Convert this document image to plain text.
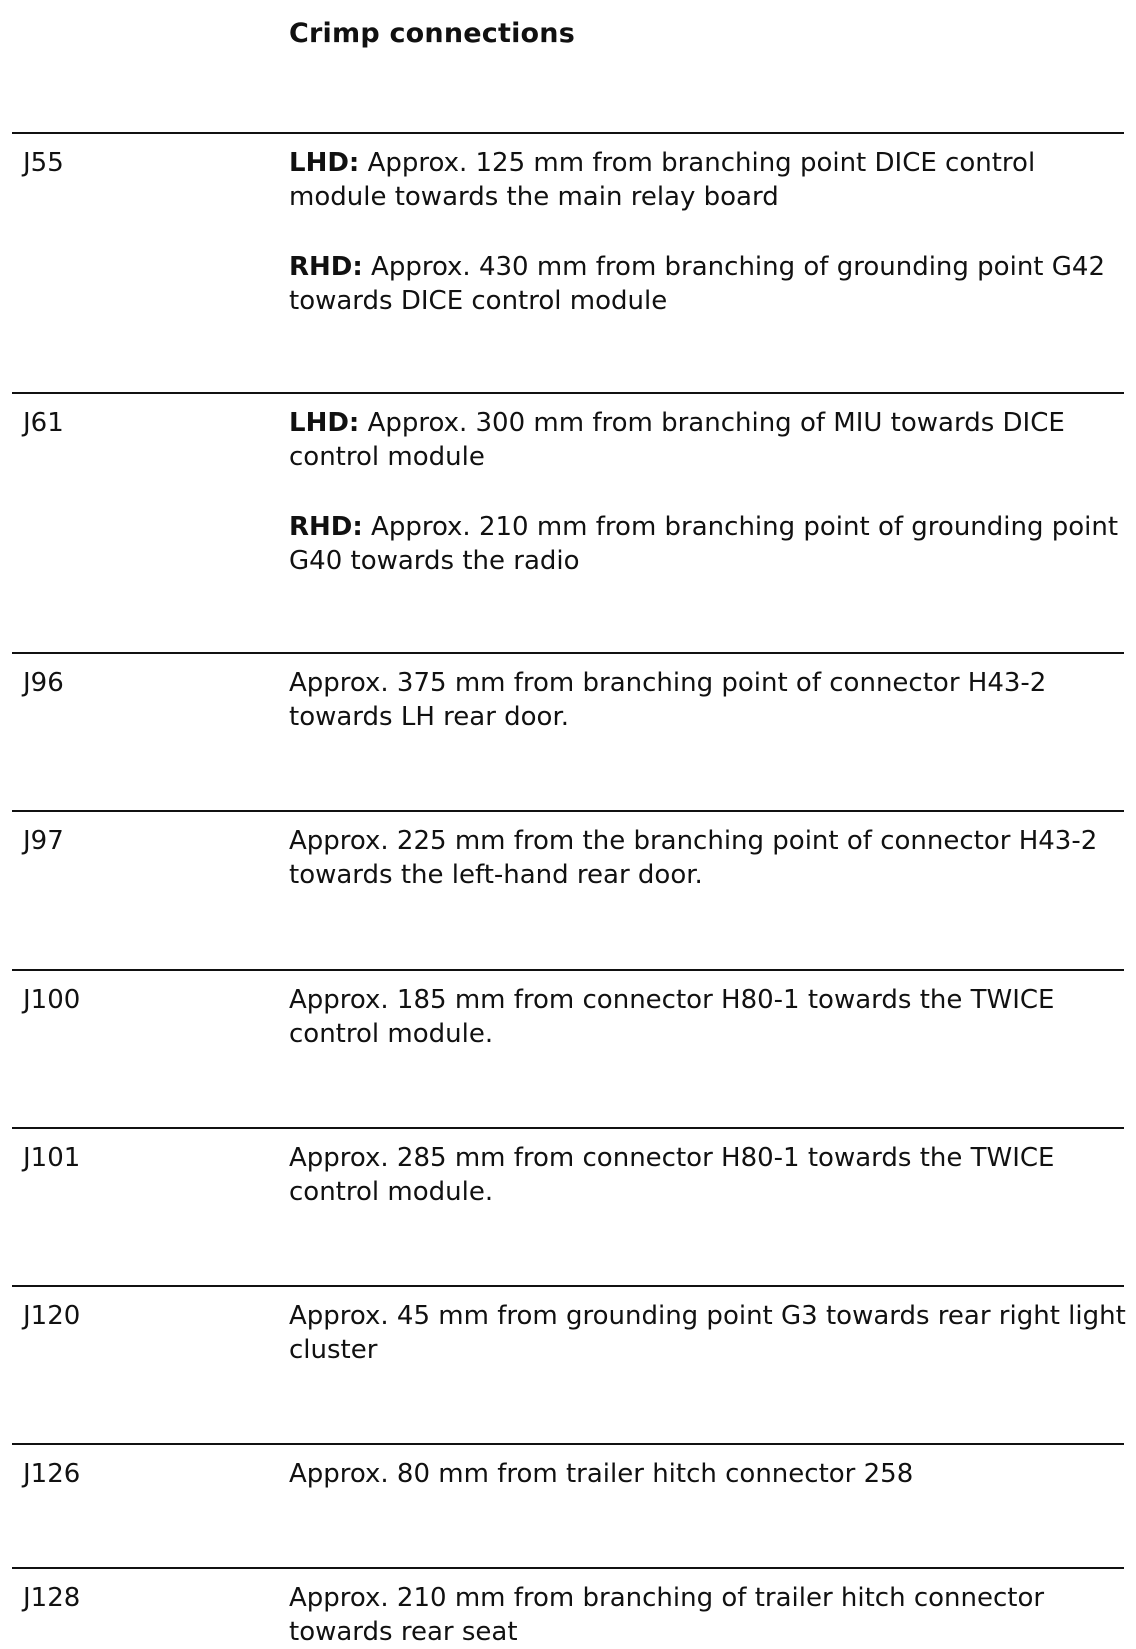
Crimp connections
J55	LHD: Approx. 125 mm from branching point DICE control module towards the main relay board
RHD: Approx. 430 mm from branching of grounding point G42 towards DICE control module
J61	LHD: Approx. 300 mm from branching of MIU towards DICE control module
RHD: Approx. 210 mm from branching point of grounding point G40 towards the radio
J96	Approx. 375 mm from branching point of connector H43-2 towards LH rear door.
J97	Approx. 225 mm from the branching point of connector H43-2 towards the left-hand rear door.
J100	Approx. 185 mm from connector H80-1 towards the TWICE control module.
J101	Approx. 285 mm from connector H80-1 towards the TWICE control module.
J120	Approx. 45 mm from grounding point G3 towards rear right light cluster
J126	Approx. 80 mm from trailer hitch connector 258
J128	Approx. 210 mm from branching of trailer hitch connector towards rear seat
